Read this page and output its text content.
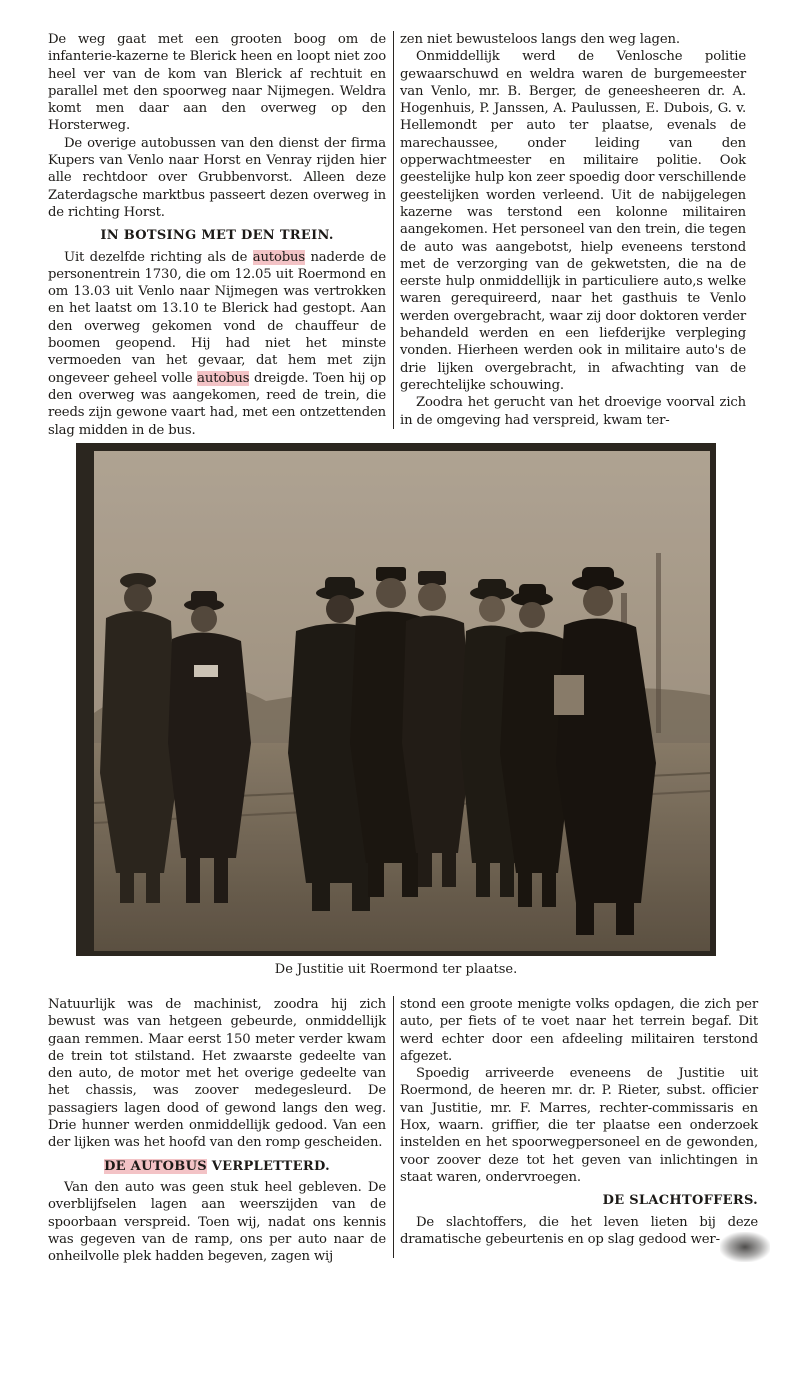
De weg gaat met een grooten boog om de infanterie-kazerne te Blerick heen en loopt niet zoo heel ver van de kom van Blerick af rechtuit en parallel met den spoorweg naar Nijmegen. Weldra komt men daar aan den overweg op den Horsterweg.

De overige autobussen van den dienst der firma Kupers van Venlo naar Horst en Venray rijden hier alle rechtdoor over Grubbenvorst. Alleen deze Zaterdagsche marktbus passeert dezen overweg in de richting Horst.

IN BOTSING MET DEN TREIN.

Uit dezelfde richting als de autobus naderde de personentrein 1730, die om 12.05 uit Roermond en om 13.03 uit Venlo naar Nijmegen was vertrokken en het laatst om 13.10 te Blerick had gestopt. Aan den overweg gekomen vond de chauffeur de boomen geopend. Hij had niet het minste vermoeden van het gevaar, dat hem met zijn ongeveer geheel volle autobus dreigde. Toen hij op den overweg was aangekomen, reed de trein, die reeds zijn gewone vaart had, met een ontzettenden slag midden in de bus.

zen niet bewusteloos langs den weg lagen.

Onmiddellijk werd de Venlosche politie gewaarschuwd en weldra waren de burgemeester van Venlo, mr. B. Berger, de geneesheeren dr. A. Hogenhuis, P. Janssen, A. Paulussen, E. Dubois, G. v. Hellemondt per auto ter plaatse, evenals de marechaussee, onder leiding van den opperwachtmeester en militaire politie. Ook geestelijke hulp kon zeer spoedig door verschillende geestelijken worden verleend. Uit de nabijgelegen kazerne was terstond een kolonne militairen aangekomen. Het personeel van den trein, die tegen de auto was aangebotst, hielp eveneens terstond met de verzorging van de gekwetsten, die na de eerste hulp onmiddellijk in particuliere auto,s welke waren gerequireerd, naar het gasthuis te Venlo werden overgebracht, waar zij door doktoren verder behandeld werden en een liefderijke verpleging vonden. Hierheen werden ook in militaire auto's de drie lijken overgebracht, in afwachting van de gerechtelijke schouwing.

Zoodra het gerucht van het droevige voorval zich in de omgeving had verspreid, kwam ter-

De Justitie uit Roermond ter plaatse.

Natuurlijk was de machinist, zoodra hij zich bewust was van hetgeen gebeurde, onmiddellijk gaan remmen. Maar eerst 150 meter verder kwam de trein tot stilstand. Het zwaarste gedeelte van den auto, de motor met het overige gedeelte van het chassis, was zoover medegesleurd. De passagiers lagen dood of gewond langs den weg. Drie hunner werden onmiddellijk gedood. Van een der lijken was het hoofd van den romp gescheiden.

DE AUTOBUS VERPLETTERD.

Van den auto was geen stuk heel gebleven. De overblijfselen lagen aan weerszijden van de spoorbaan verspreid. Toen wij, nadat ons kennis was gegeven van de ramp, ons per auto naar de onheilvolle plek hadden begeven, zagen wij

stond een groote menigte volks opdagen, die zich per auto, per fiets of te voet naar het terrein begaf. Dit werd echter door een afdeeling militairen terstond afgezet.

Spoedig arriveerde eveneens de Justitie uit Roermond, de heeren mr. dr. P. Rieter, subst. officier van Justitie, mr. F. Marres, rechter-commissaris en Hox, waarn. griffier, die ter plaatse een onderzoek instelden en het spoorwegpersoneel en de gewonden, voor zoover deze tot het geven van inlichtingen in staat waren, ondervroegen.

DE SLACHTOFFERS.

De slachtoffers, die het leven lieten bij deze dramatische gebeurtenis en op slag gedood wer-
